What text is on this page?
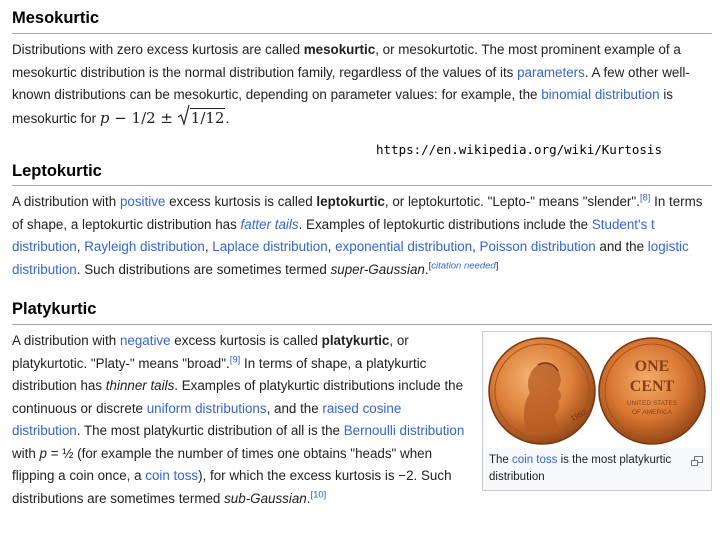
Mesokurtic

Distributions with zero excess kurtosis are called mesokurtic, or mesokurtotic. The most prominent example of a mesokurtic distribution is the normal distribution family, regardless of the values of its parameters. A few other well-known distributions can be mesokurtic, depending on parameter values: for example, the binomial distribution is mesokurtic for p − 1/2 ±
1/12.

https://en.wikipedia.org/wiki/Kurtosis
Leptokurtic

A distribution with positive excess kurtosis is called leptokurtic, or leptokurtotic. "Lepto-" means "slender".[8] In terms of shape, a leptokurtic distribution has fatter tails. Examples of leptokurtic distributions include the Student's t distribution, Rayleigh distribution, Laplace distribution, exponential distribution, Poisson distribution and the logistic distribution. Such distributions are sometimes termed super-Gaussian.[citation needed]

Platykurtic

A distribution with negative excess kurtosis is called platykurtic, or platykurtotic. "Platy-" means "broad".[9] In terms of shape, a platykurtic distribution has thinner tails. Examples of platykurtic distributions include the continuous or discrete uniform distributions, and the raised cosine distribution. The most platykurtic distribution of all is the Bernoulli distribution with p = ½ (for example the number of times one obtains "heads" when flipping a coin once, a coin toss), for which the excess kurtosis is −2. Such distributions are sometimes termed sub-Gaussian.[10]

1992
ONE
CENT
UNITED STATES
OF AMERICA
The coin toss is the most platykurtic distribution
